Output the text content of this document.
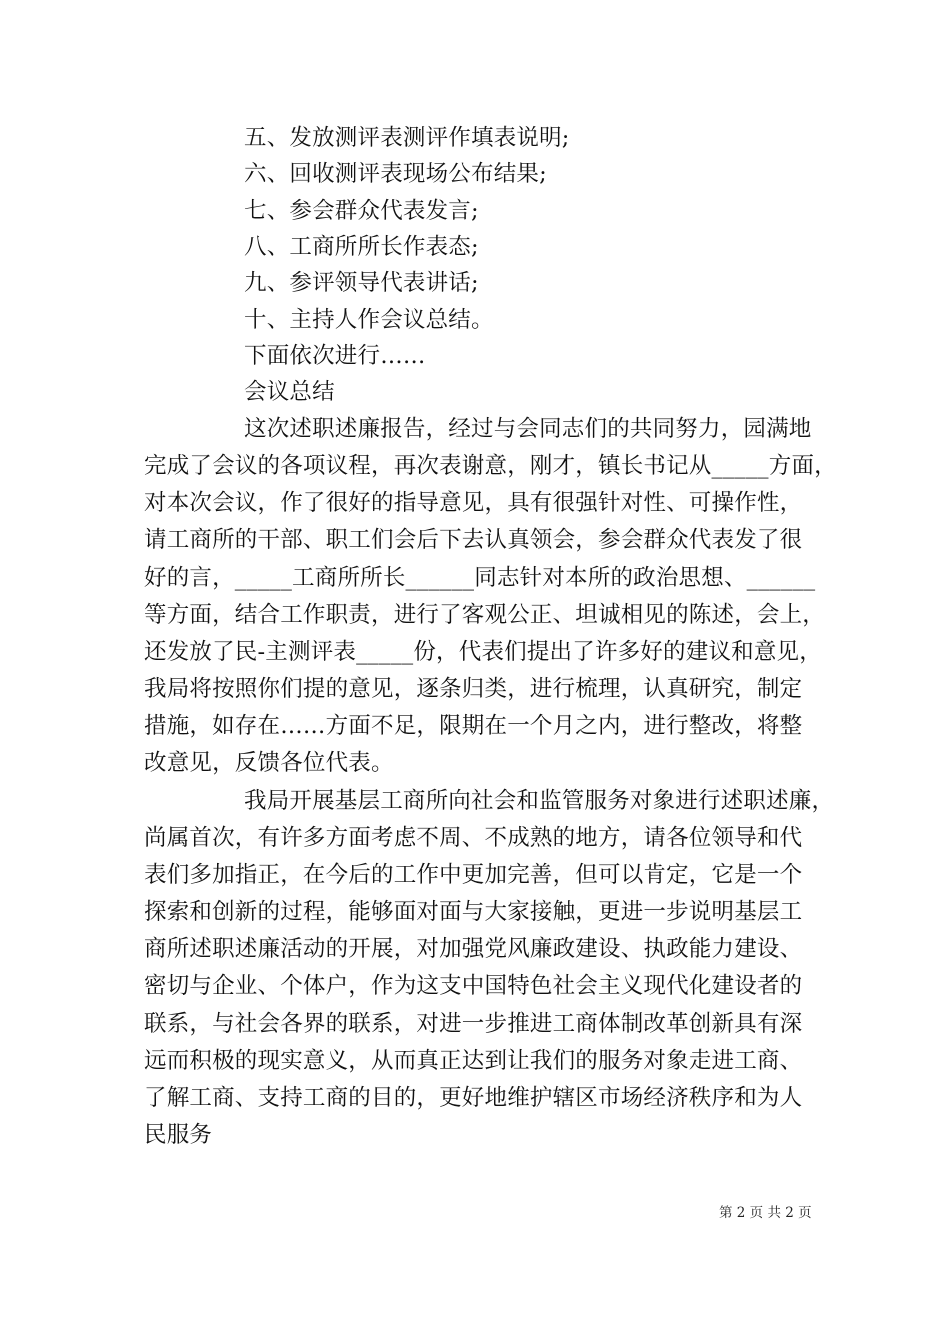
五、发放测评表测评作填表说明;
六、回收测评表现场公布结果;
七、参会群众代表发言;
八、工商所所长作表态;
九、参评领导代表讲话;
十、主持人作会议总结。
下面依次进行……
会议总结
这次述职述廉报告，经过与会同志们的共同努力，园满地
完成了会议的各项议程，再次表谢意，刚才，镇长书记从_____方面，
对本次会议，作了很好的指导意见，具有很强针对性、可操作性，
请工商所的干部、职工们会后下去认真领会，参会群众代表发了很
好的言，_____工商所所长______同志针对本所的政治思想、______
等方面，结合工作职责，进行了客观公正、坦诚相见的陈述，会上，
还发放了民-主测评表_____份，代表们提出了许多好的建议和意见，
我局将按照你们提的意见，逐条归类，进行梳理，认真研究，制定
措施，如存在……方面不足，限期在一个月之内，进行整改，将整
改意见，反馈各位代表。
我局开展基层工商所向社会和监管服务对象进行述职述廉，
尚属首次，有许多方面考虑不周、不成熟的地方，请各位领导和代
表们多加指正，在今后的工作中更加完善，但可以肯定，它是一个
探索和创新的过程，能够面对面与大家接触，更进一步说明基层工
商所述职述廉活动的开展，对加强党风廉政建设、执政能力建设、
密切与企业、个体户，作为这支中国特色社会主义现代化建设者的
联系，与社会各界的联系，对进一步推进工商体制改革创新具有深
远而积极的现实意义，从而真正达到让我们的服务对象走进工商、
了解工商、支持工商的目的，更好地维护辖区市场经济秩序和为人
民服务
第 2 页 共 2 页
